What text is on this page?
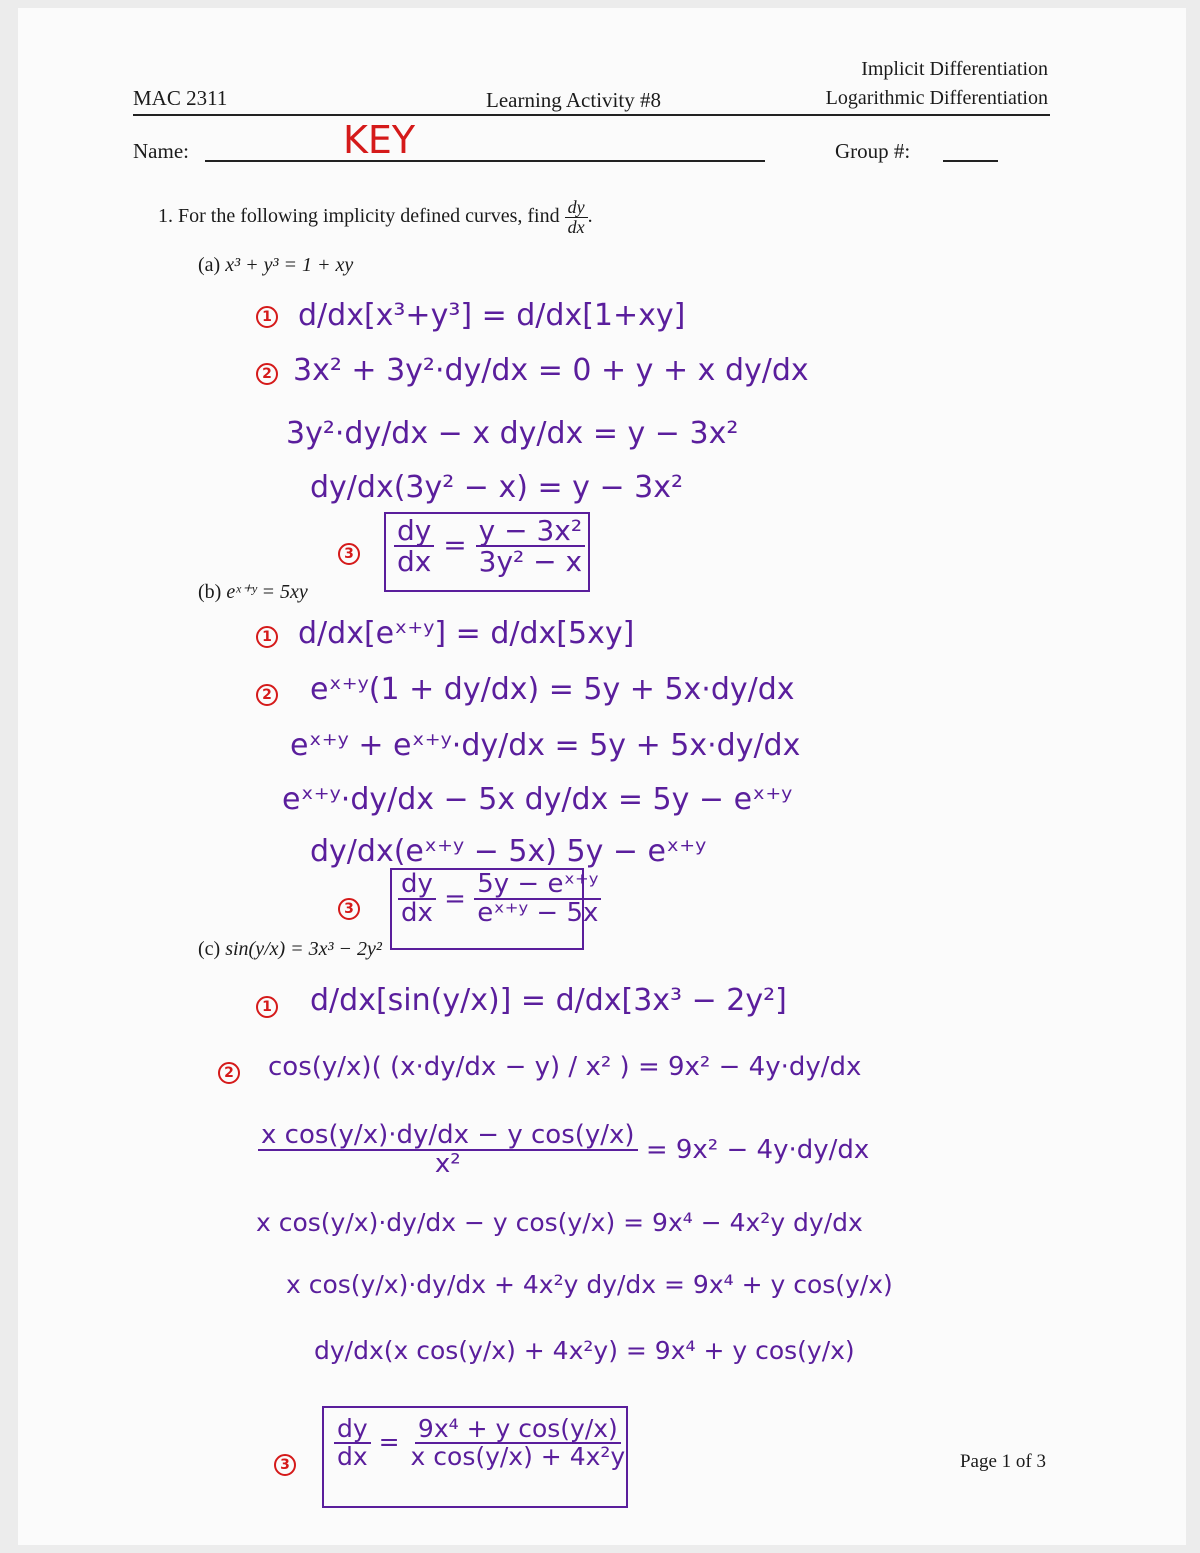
MAC 2311	Learning Activity #8
Implicit Differentiation
Logarithmic Differentiation
Name:	KEY	Group #:
1. For the following implicity defined curves, find $\frac{dy}{dx}$ .
(a) x³ + y³ = 1 + xy
1 d/dx[x³+y³] = d/dx[1+xy]
2 3x² + 3y²·dy/dx = 0 + y + x dy/dx
3y²·dy/dx − x dy/dx = y − 3x²
dy/dx(3y² − x) = y − 3x²
$3 \frac{dy}{dx} = \frac{\text{y − 3x²}}{\text{3y² − x}}$
(b) eˣ⁺ʸ = 5xy
1 d/dx[eˣ⁺ʸ] = d/dx[5xy]
2 eˣ⁺ʸ(1 + dy/dx) = 5y + 5x·dy/dx
eˣ⁺ʸ + eˣ⁺ʸ·dy/dx = 5y + 5x·dy/dx
eˣ⁺ʸ·dy/dx − 5x dy/dx = 5y − eˣ⁺ʸ
dy/dx(eˣ⁺ʸ − 5x) 5y − eˣ⁺ʸ
$3 \frac{dy}{dx} = \frac{\text{5y − eˣ⁺ʸ}}{\text{eˣ⁺ʸ − 5x}}$
(c) sin(y/x) = 3x³ − 2y²
1 d/dx[sin(y/x)] = d/dx[3x³ − 2y²]
2 cos(y/x)( (x·dy/dx − y) / x² ) = 9x² − 4y·dy/dx
$\frac{\text{x cos(y/x)·dy/dx − y cos(y/x)}}{\text{x²}} = 9x^2 - 4y\cdot dy/dx$
x cos(y/x)·dy/dx − y cos(y/x) = 9x⁴ − 4x²y dy/dx
x cos(y/x)·dy/dx + 4x²y dy/dx = 9x⁴ + y cos(y/x)
dy/dx(x cos(y/x) + 4x²y) = 9x⁴ + y cos(y/x)
$3 \frac{dy}{dx} = \frac{\text{9x⁴ + y cos(y/x)}}{\text{x cos(y/x) + 4x²y}}$	Page 1 of 3
